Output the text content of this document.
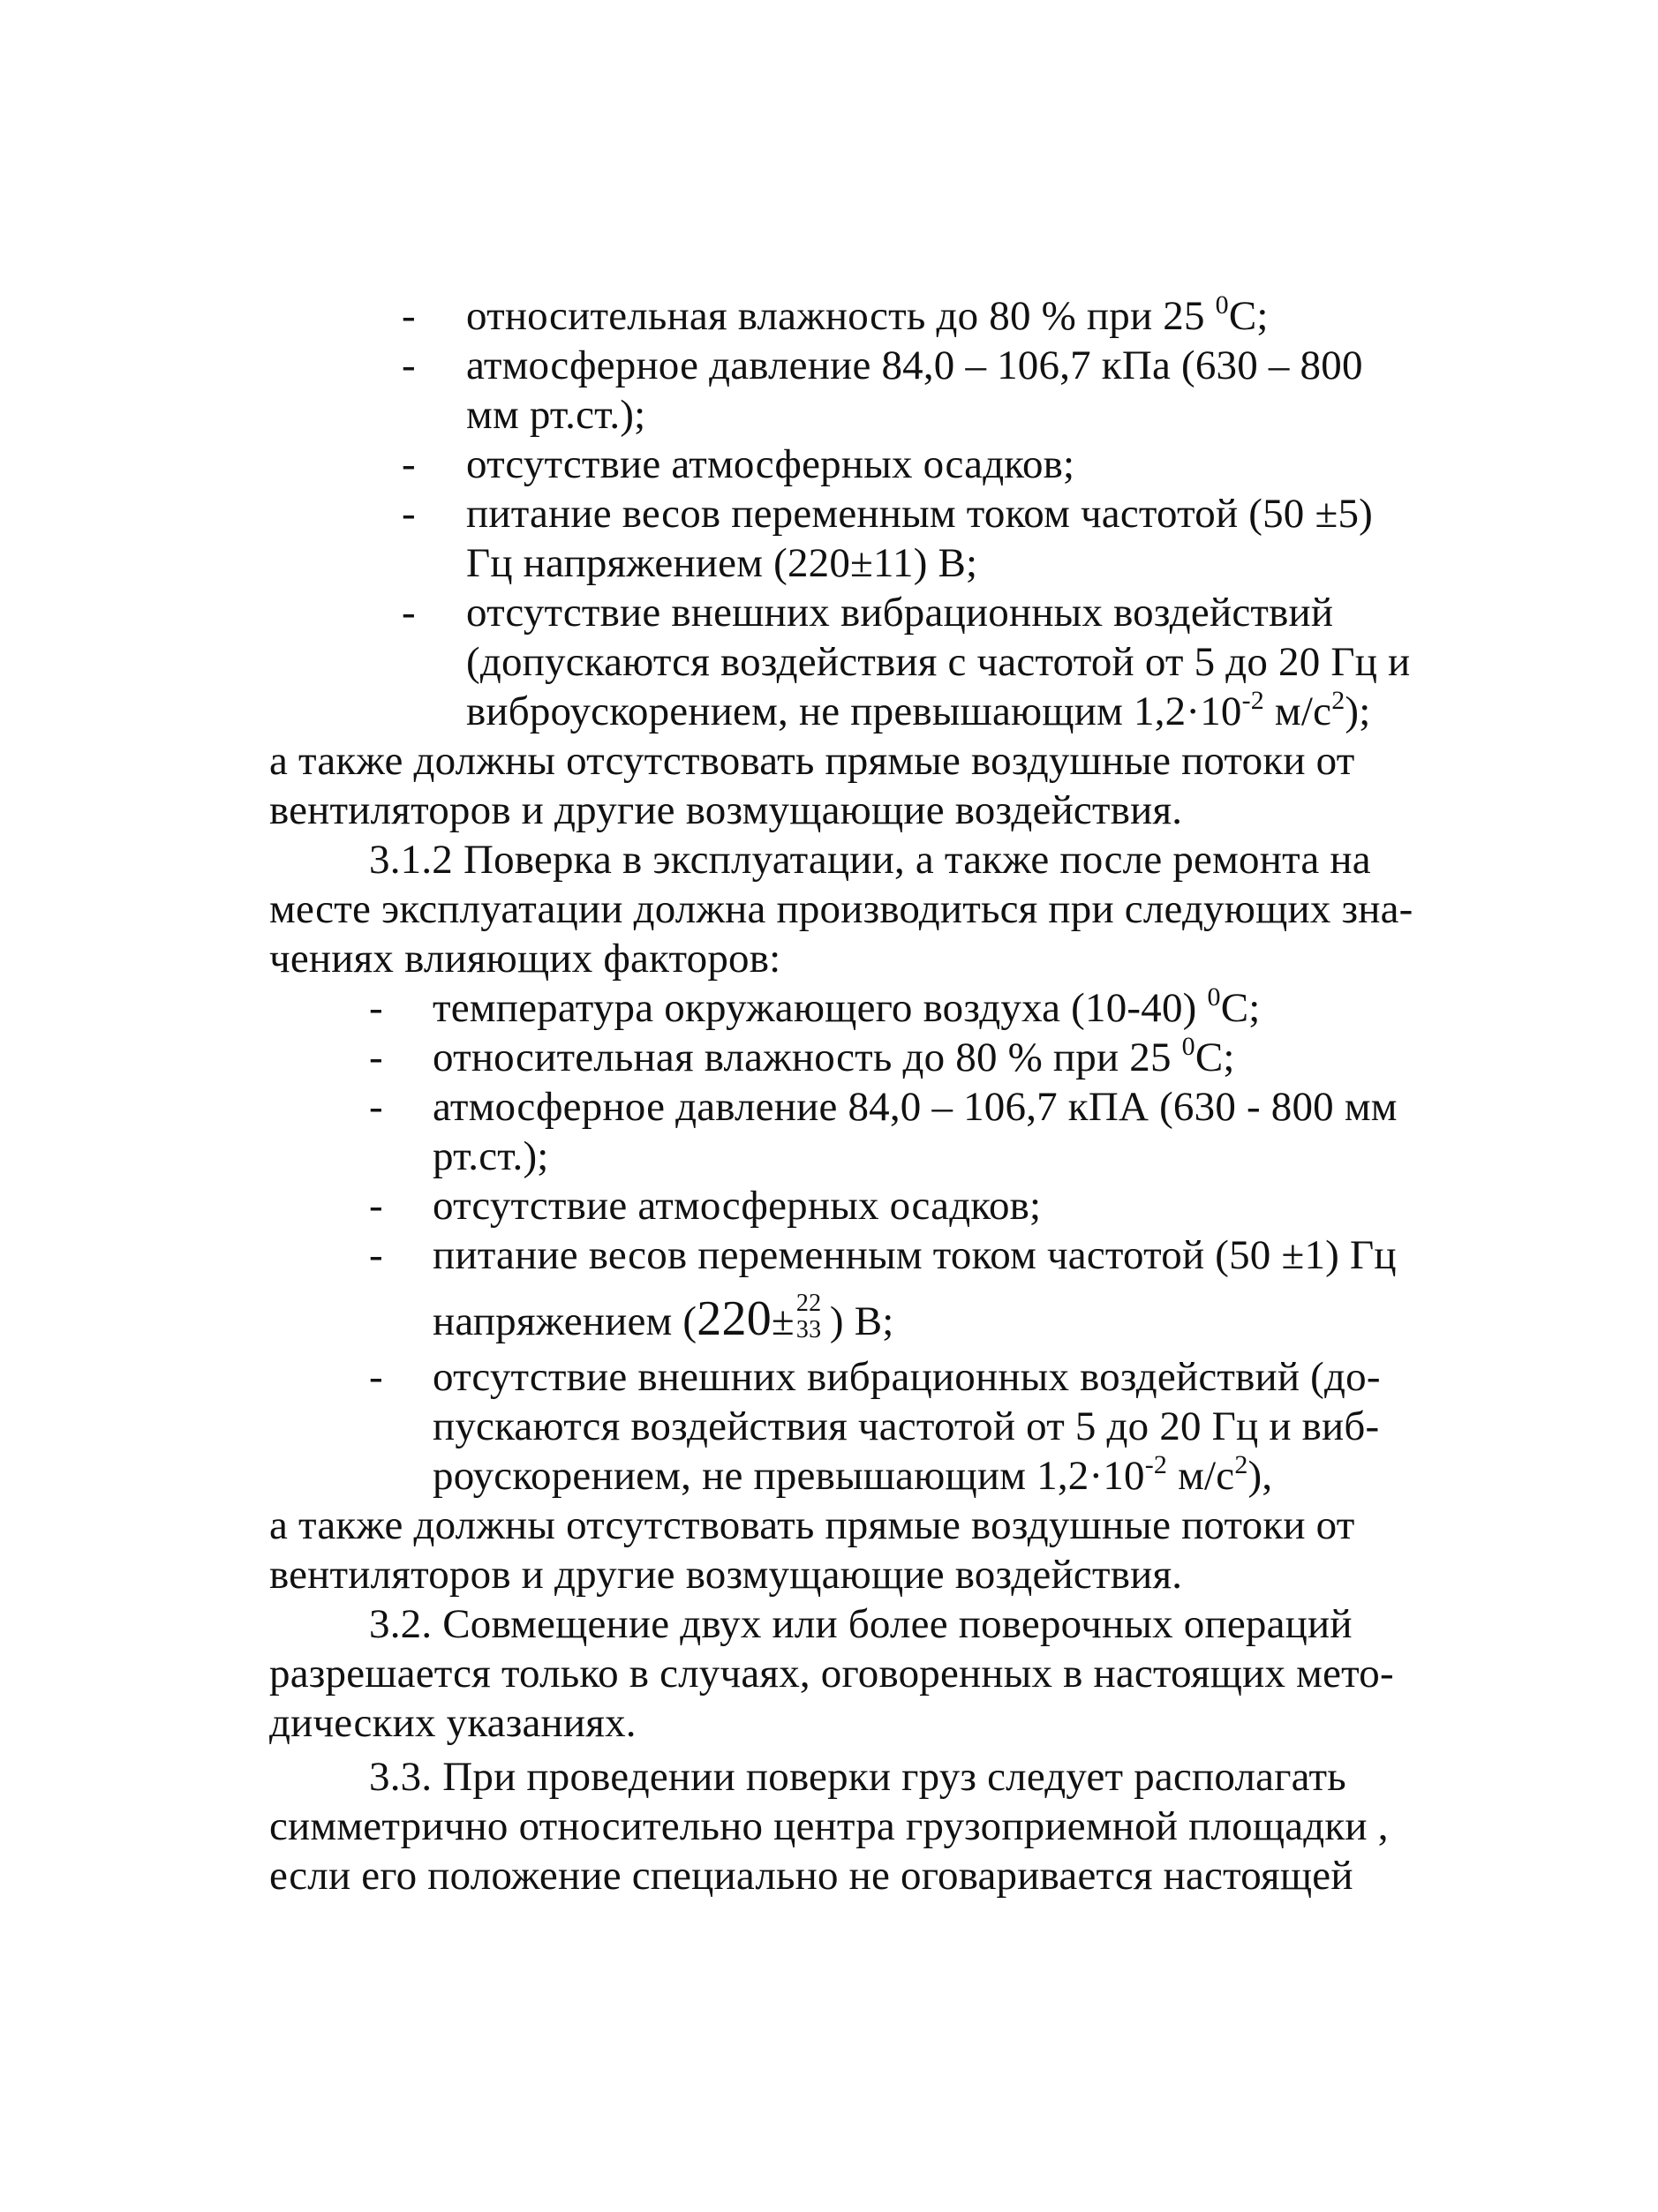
- относительная влажность до 80 % при 25 $^0$C;
- атмосферное давление 84,0 – 106,7 кПа (630 – 800
мм рт.ст.);
- отсутствие атмосферных осадков;
- питание весов переменным током частотой (50 ±5)
Гц напряжением (220±11) В;
- отсутствие внешних вибрационных воздействий
(допускаются воздействия с частотой от 5 до 20 Гц и
виброускорением, не превышающим $1,2\cdot 10^{-2}$ $м/с^2$);
а также должны отсутствовать прямые воздушные потоки от
вентиляторов и другие возмущающие воздействия.
3.1.2 Поверка в эксплуатации, а также после ремонта на
месте эксплуатации должна производиться при следующих зна-
чениях влияющих факторов:
- температура окружающего воздуха (10-40) $^0$C;
- относительная влажность до 80 % при 25 $^0$C;
- атмосферное давление 84,0 – 106,7 кПА (630 - 800 мм
рт.ст.);
- отсутствие атмосферных осадков;
- питание весов переменным током частотой (50 ±1) Гц
напряжением (220± 22
33 ) В;
- отсутствие внешних вибрационных воздействий (до-
пускаются воздействия частотой от 5 до 20 Гц и виб-
роускорением, не превышающим $1,2\cdot 10^{-2}$ $м/с^2$),
а также должны отсутствовать прямые воздушные потоки от
вентиляторов и другие возмущающие воздействия.
3.2. Совмещение двух или более поверочных операций
разрешается только в случаях, оговоренных в настоящих мето-
дических указаниях.
3.3. При проведении поверки груз следует располагать
симметрично относительно центра грузоприемной площадки ,
если его положение специально не оговаривается настоящей
